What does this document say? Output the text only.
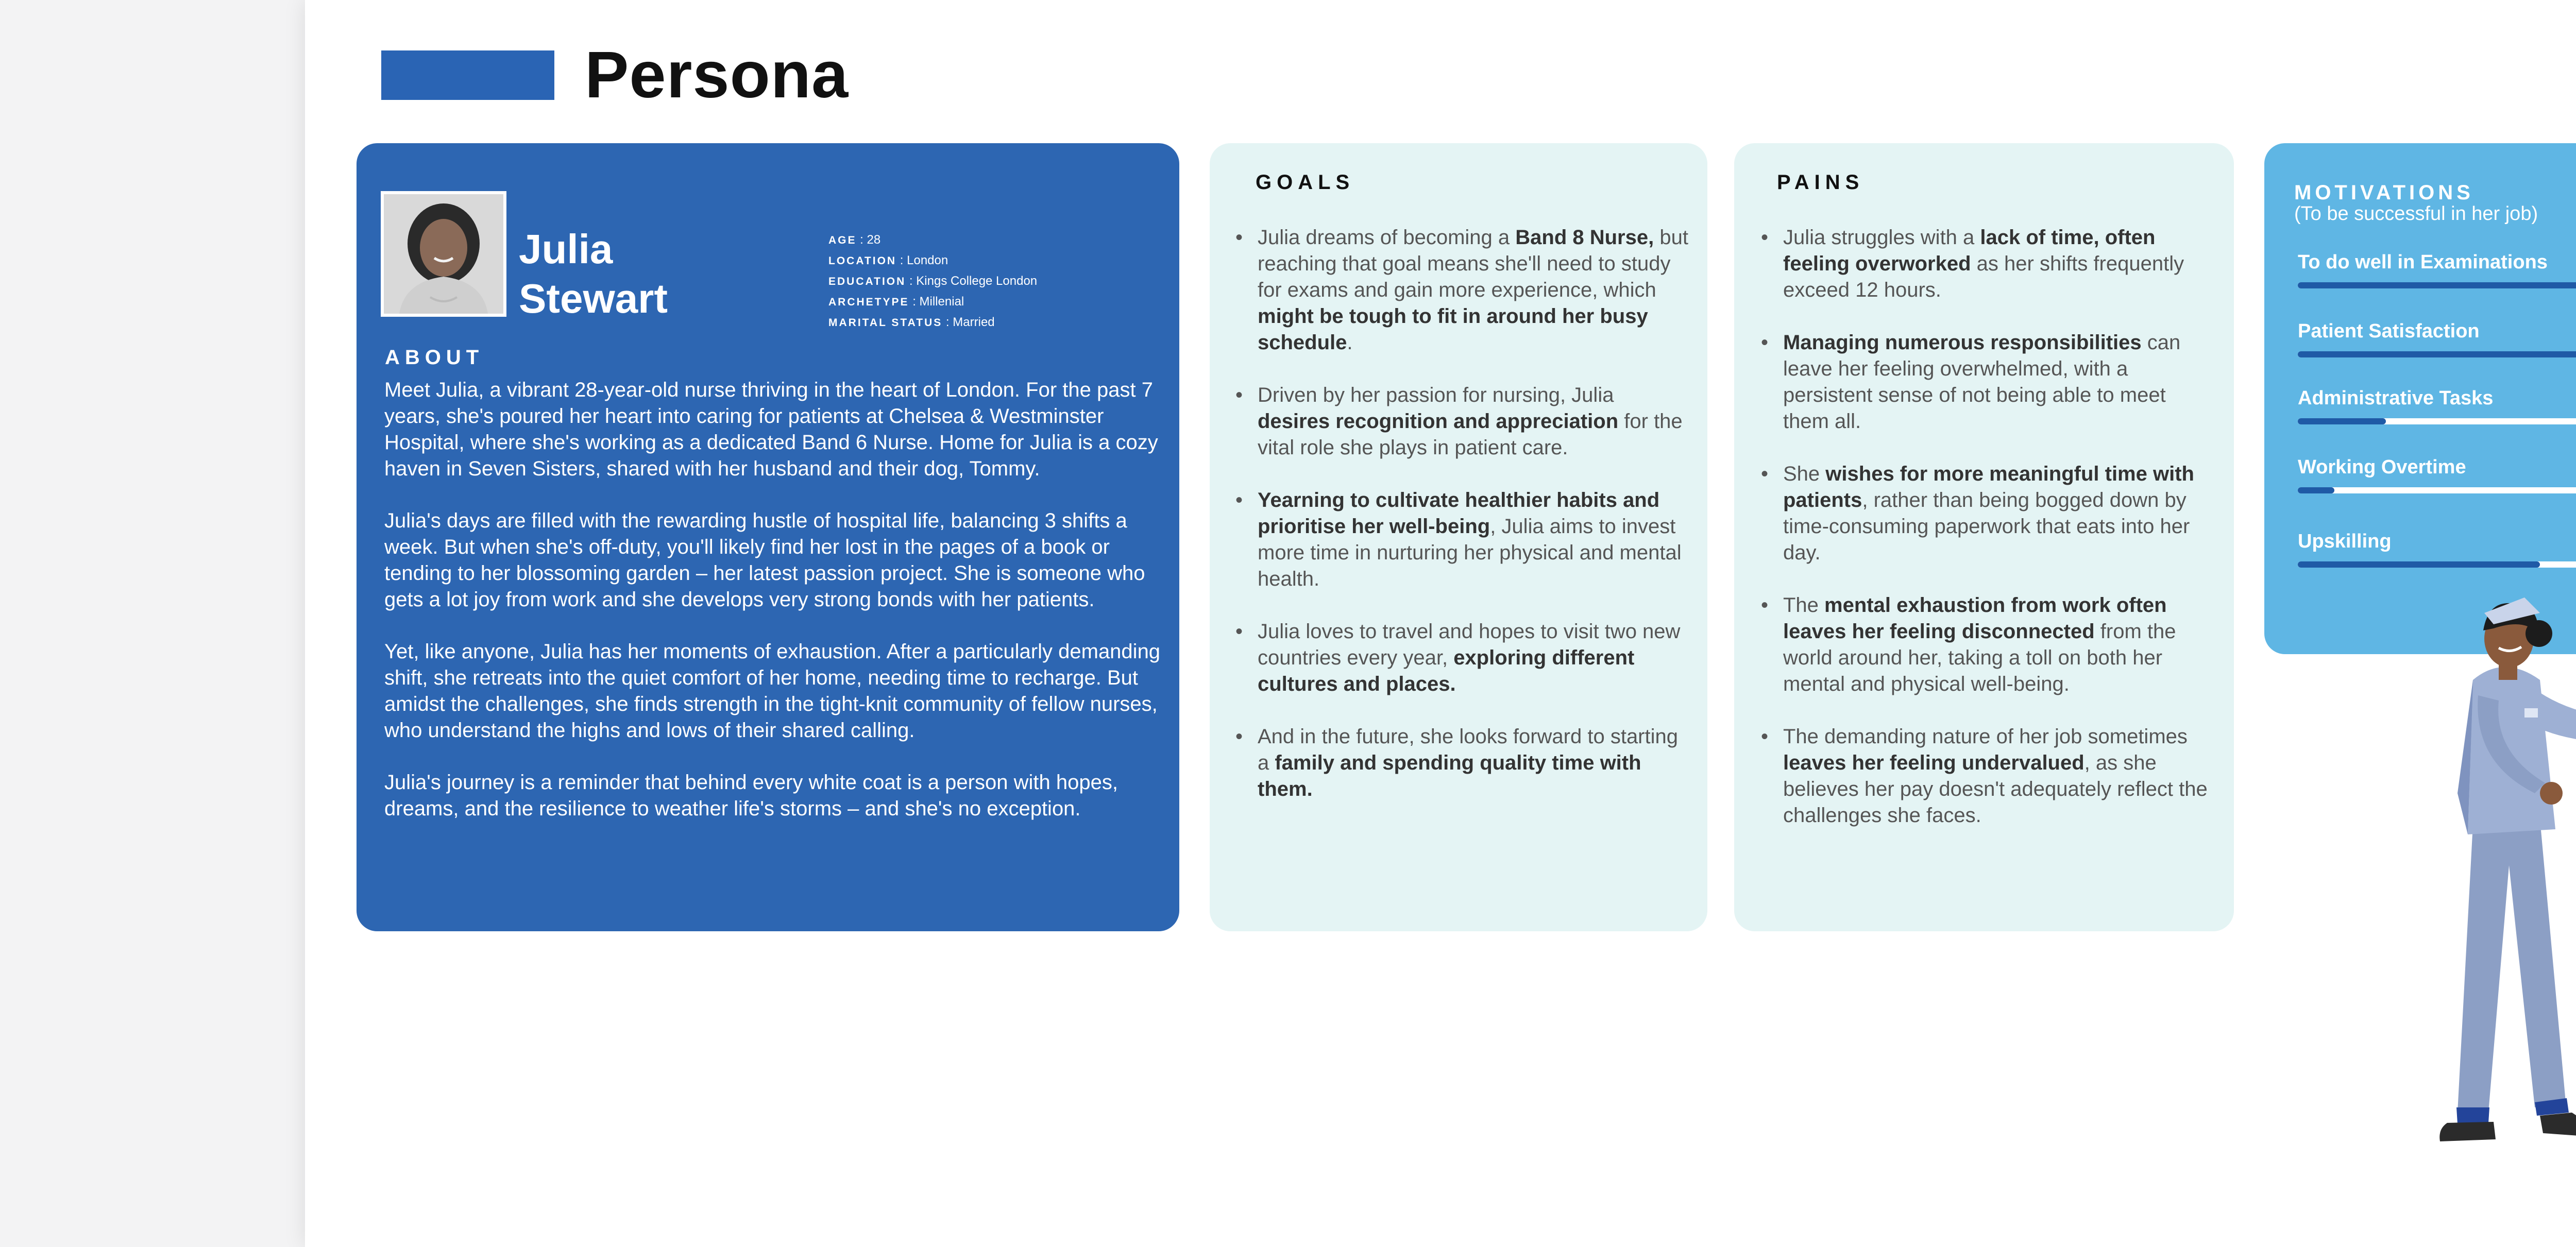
Persona
Julia
Stewart
AGE : 28
LOCATION : London
EDUCATION : Kings College London
ARCHETYPE : Millenial
MARITAL STATUS : Married
ABOUT

Meet Julia, a vibrant 28-year-old nurse thriving in the heart of London. For the past 7 years, she's poured her heart into caring for patients at Chelsea & Westminster Hospital, where she's working as a dedicated Band 6 Nurse. Home for Julia is a cozy haven in Seven Sisters, shared with her husband and their dog, Tommy.

Julia's days are filled with the rewarding hustle of hospital life, balancing 3 shifts a week. But when she's off-duty, you'll likely find her lost in the pages of a book or tending to her blossoming garden – her latest passion project. She is someone who gets a lot joy from work and she develops very strong bonds with her patients.

Yet, like anyone, Julia has her moments of exhaustion. After a particularly demanding shift, she retreats into the quiet comfort of her home, needing time to recharge. But amidst the challenges, she finds strength in the tight-knit community of fellow nurses, who understand the highs and lows of their shared calling.

Julia's journey is a reminder that behind every white coat is a person with hopes, dreams, and the resilience to weather life's storms – and she's no exception.

GOALS
• Julia dreams of becoming a Band 8 Nurse, but reaching that goal means she'll need to study for exams and gain more experience, which might be tough to fit in around her busy schedule.
• Driven by her passion for nursing, Julia desires recognition and appreciation for the vital role she plays in patient care.
• Yearning to cultivate healthier habits and prioritise her well-being, Julia aims to invest more time in nurturing her physical and mental health.
• Julia loves to travel and hopes to visit two new countries every year, exploring different cultures and places.
• And in the future, she looks forward to starting a family and spending quality time with them.
PAINS
• Julia struggles with a lack of time, often feeling overworked as her shifts frequently exceed 12 hours.
• Managing numerous responsibilities can leave her feeling overwhelmed, with a persistent sense of not being able to meet them all.
• She wishes for more meaningful time with patients, rather than being bogged down by time-consuming paperwork that eats into her day.
• The mental exhaustion from work often leaves her feeling disconnected from the world around her, taking a toll on both her mental and physical well-being.
• The demanding nature of her job sometimes leaves her feeling undervalued, as she believes her pay doesn't adequately reflect the challenges she faces.
MOTIVATIONS
(To be successful in her job)
To do well in Examinations
Patient Satisfaction
Administrative Tasks
Working Overtime
Upskilling
